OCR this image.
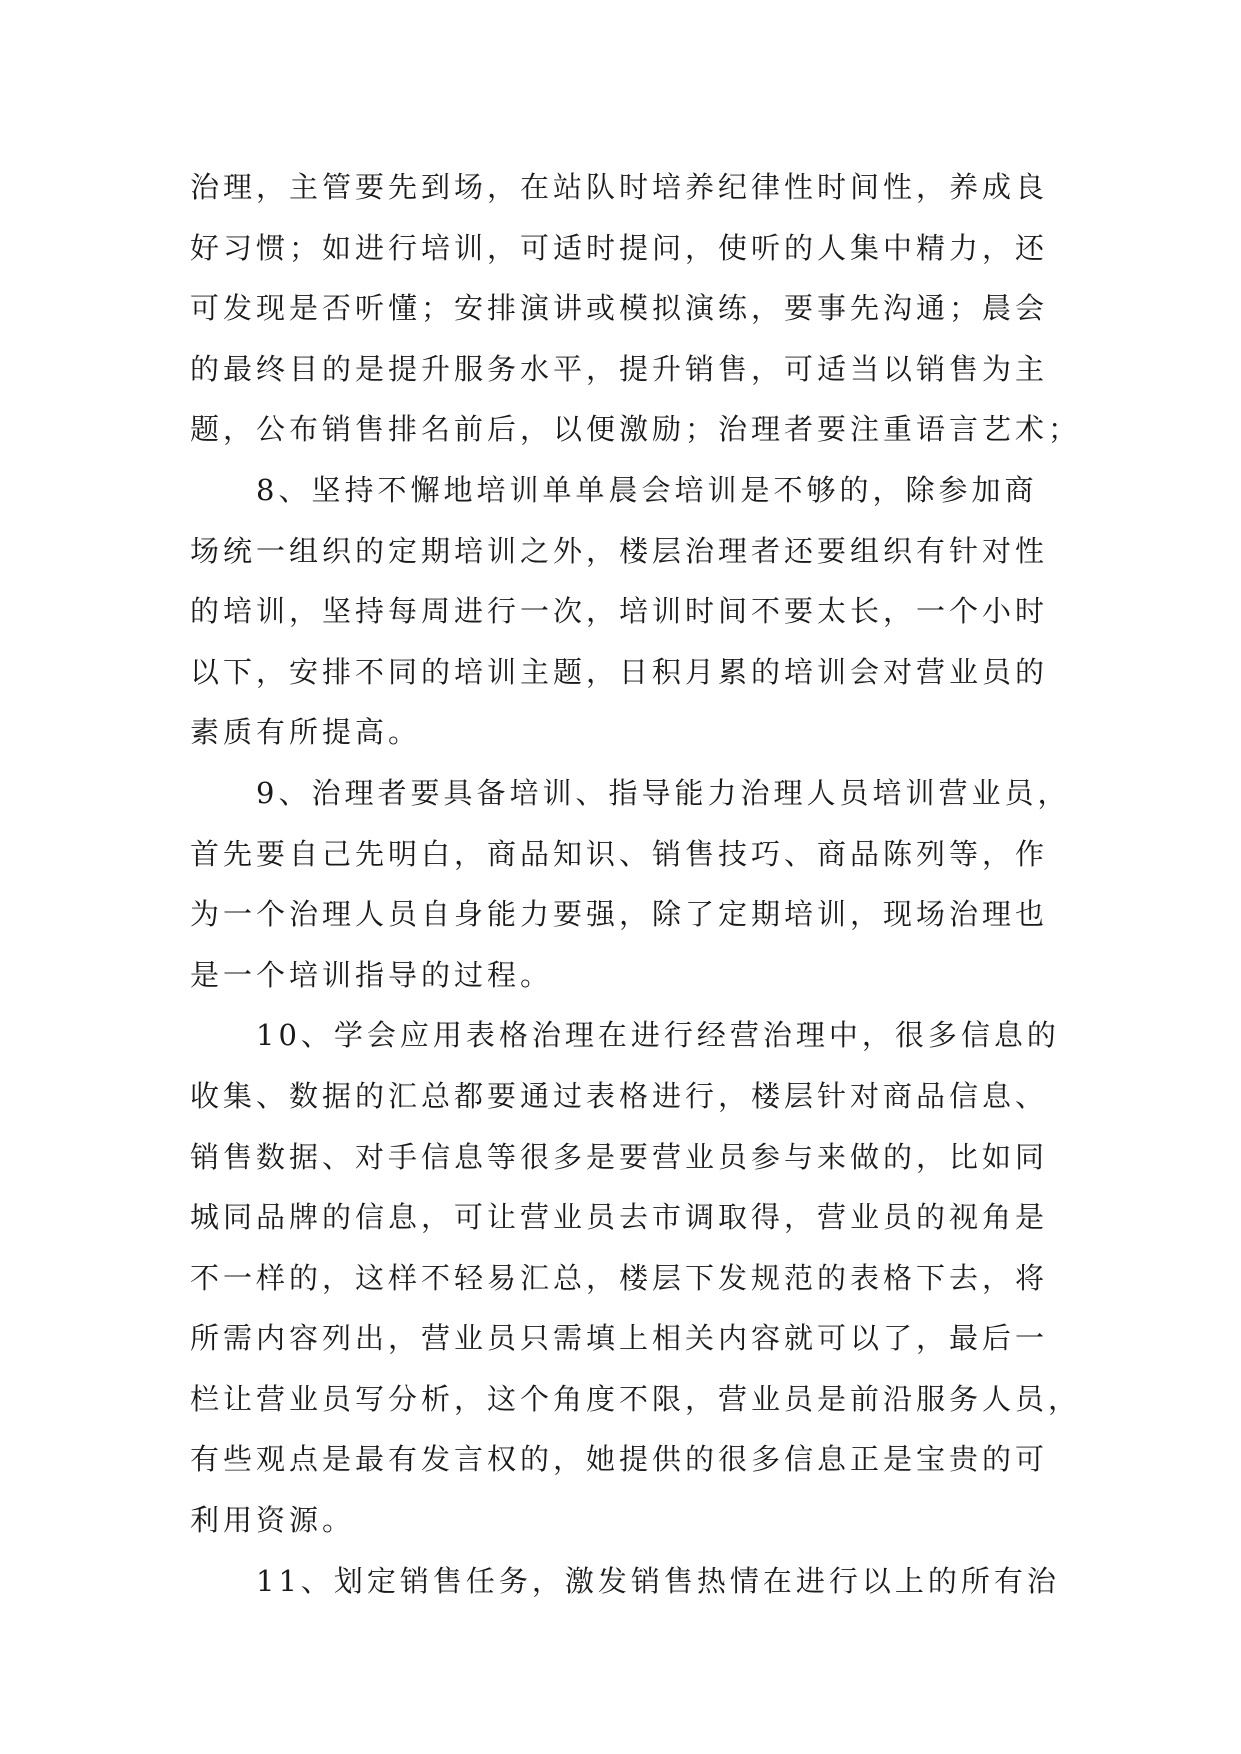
治理，主管要先到场，在站队时培养纪律性时间性，养成良
好习惯；如进行培训，可适时提问，使听的人集中精力，还
可发现是否听懂；安排演讲或模拟演练，要事先沟通；晨会
的最终目的是提升服务水平，提升销售，可适当以销售为主
题，公布销售排名前后，以便激励；治理者要注重语言艺术；
8、坚持不懈地培训单单晨会培训是不够的，除参加商
场统一组织的定期培训之外，楼层治理者还要组织有针对性
的培训，坚持每周进行一次，培训时间不要太长，一个小时
以下，安排不同的培训主题，日积月累的培训会对营业员的
素质有所提高。
9、治理者要具备培训、指导能力治理人员培训营业员，
首先要自己先明白，商品知识、销售技巧、商品陈列等，作
为一个治理人员自身能力要强，除了定期培训，现场治理也
是一个培训指导的过程。
10、学会应用表格治理在进行经营治理中，很多信息的
收集、数据的汇总都要通过表格进行，楼层针对商品信息、
销售数据、对手信息等很多是要营业员参与来做的，比如同
城同品牌的信息，可让营业员去市调取得，营业员的视角是
不一样的，这样不轻易汇总，楼层下发规范的表格下去，将
所需内容列出，营业员只需填上相关内容就可以了，最后一
栏让营业员写分析，这个角度不限，营业员是前沿服务人员，
有些观点是最有发言权的，她提供的很多信息正是宝贵的可
利用资源。
11、划定销售任务，激发销售热情在进行以上的所有治
